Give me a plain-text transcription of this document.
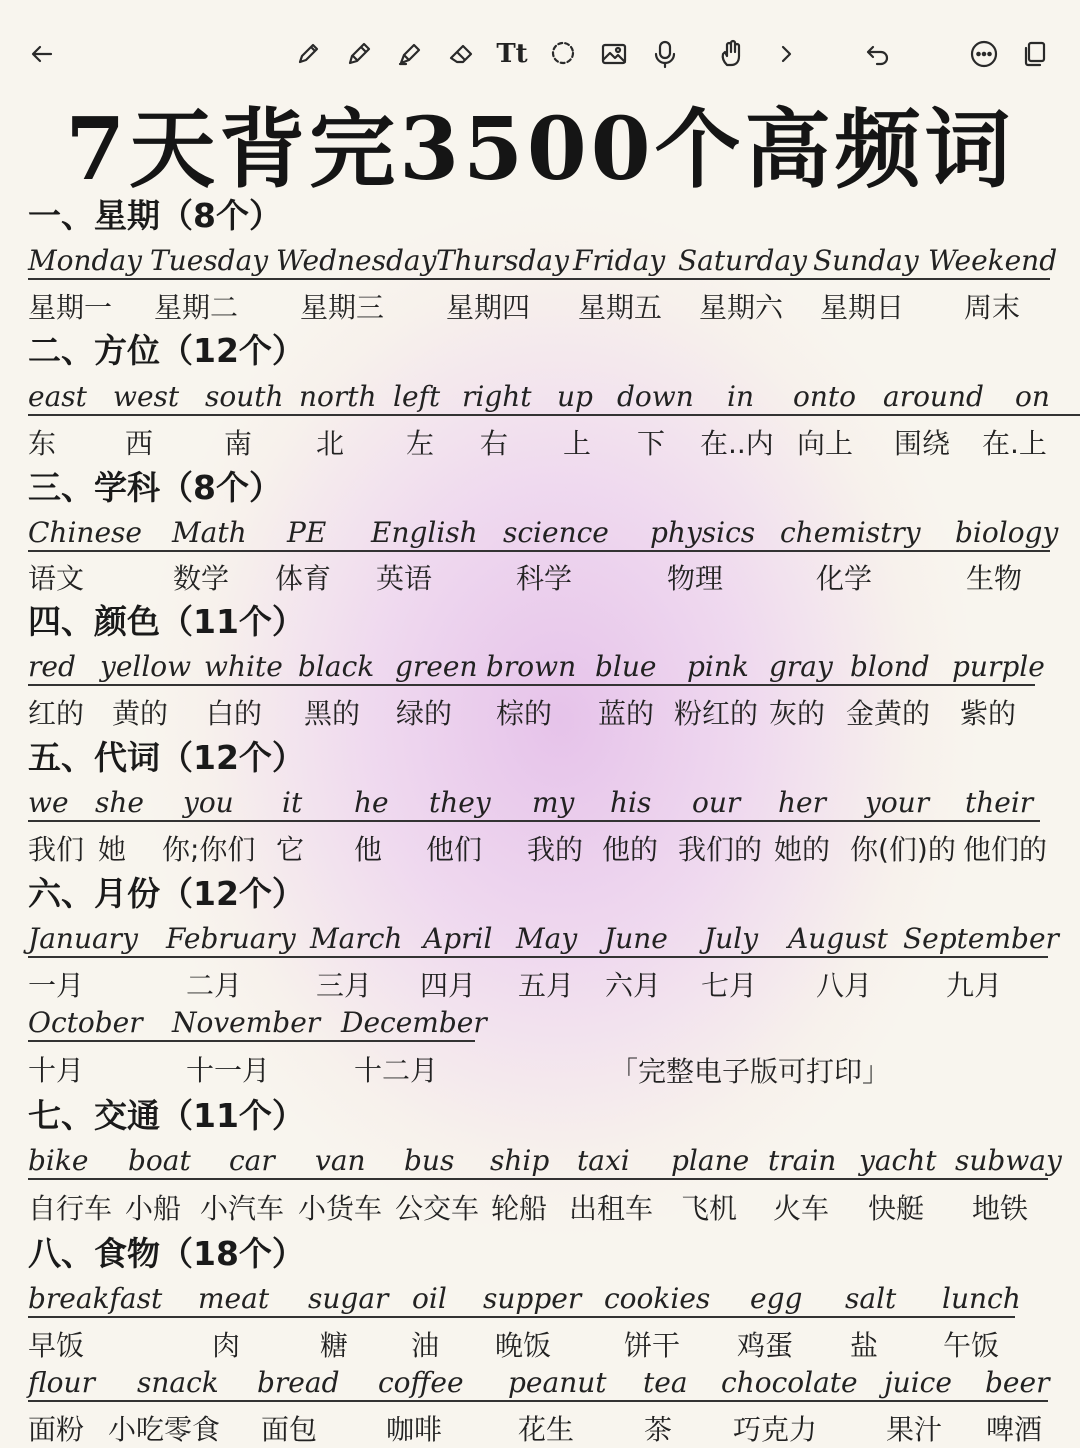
Tt
7天背完3500个高频词
一、星期（8个）
Monday Tuesday Wednesday Thursday Friday Saturday Sunday Weekend
星期一 星期二 星期三 星期四 星期五 星期六 星期日 周末
二、方位（12个）
east west south north left right up down in onto around on
东 西	南 北 左 右 上 下 在..内 向上 围绕 在.上
三、学科（8个）
Chinese Math PE English science physics chemistry biology
语文	数学 体育 英语	科学	物理	化学	生物
四、颜色（11个）
red yellow white black green brown blue pink gray blond purple
红的 黄的 白的 黑的 绿的 棕的 蓝的 粉红的 灰的 金黄的 紫的
五、代词（12个）
we she you it he they my his our her your their
我们 她 你;你们 它 他 他们 我的 他的 我们的 她的 你(们)的 他们的
六、月份（12个）
January February March April May June July August September
一月	二月	三月 四月 五月 六月 七月 八月	九月
October November December
十月	十一月	十二月
七、交通（11个）
bike boat car van bus ship taxi plane train yacht subway
自行车 小船 小汽车 小货车 公交车 轮船 出租车 飞机 火车 快艇 地铁
八、食物（18个）
breakfast meat sugar oil supper cookies egg salt lunch
早饭	肉	糖 油 晚饭	饼干 鸡蛋 盐 午饭
flour snack bread coffee peanut tea chocolate juice beer
面粉 小吃零食 面包 咖啡	花生 茶 巧克力 果汁 啤酒
「完整电子版可打印」
